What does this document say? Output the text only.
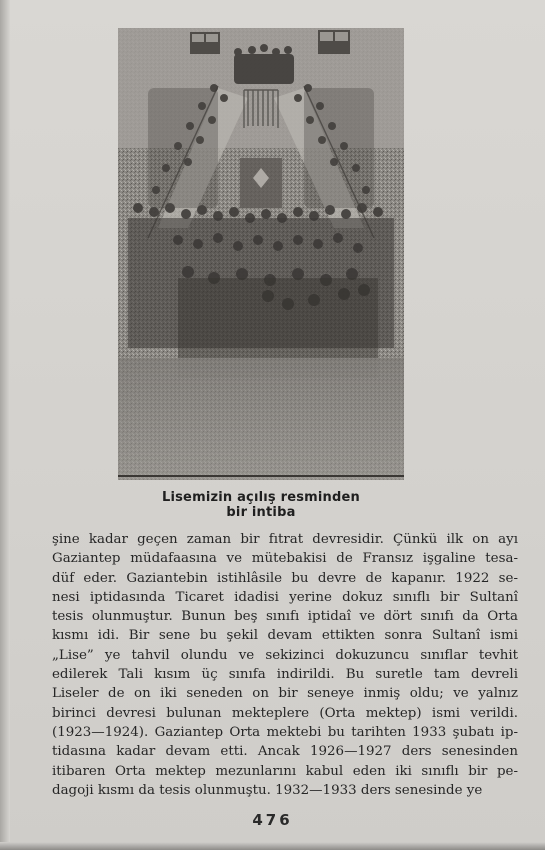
Lisemizin açılış resminden
bir intiba
şine kadar geçen zaman bir fıtrat devresidir. Çünkü ilk on ayı
Gaziantep müdafaasına ve mütebakisi de Fransız işgaline tesa-
düf eder. Gaziantebin istihlâsile bu devre de kapanır. 1922 se-
nesi iptidasında Ticaret idadisi yerine dokuz sınıflı bir Sultanî
tesis olunmuştur. Bunun beş sınıfı iptidaî ve dört sınıfı da Orta
kısmı idi. Bir sene bu şekil devam ettikten sonra Sultanî ismi
„Lise” ye tahvil olundu ve sekizinci dokuzuncu sınıflar tevhit
edilerek Tali kısım üç sınıfa indirildi. Bu suretle tam devreli
Liseler de on iki seneden on bir seneye inmiş oldu; ve yalnız
birinci devresi bulunan mekteplere (Orta mektep) ismi verildi.
(1923—1924). Gaziantep Orta mektebi bu tarihten 1933 şubatı ip-
tidasına kadar devam etti. Ancak 1926—1927 ders senesinden
itibaren Orta mektep mezunlarını kabul eden iki sınıflı bir pe-
dagoji kısmı da tesis olunmuştu. 1932—1933 ders senesinde ye
476
